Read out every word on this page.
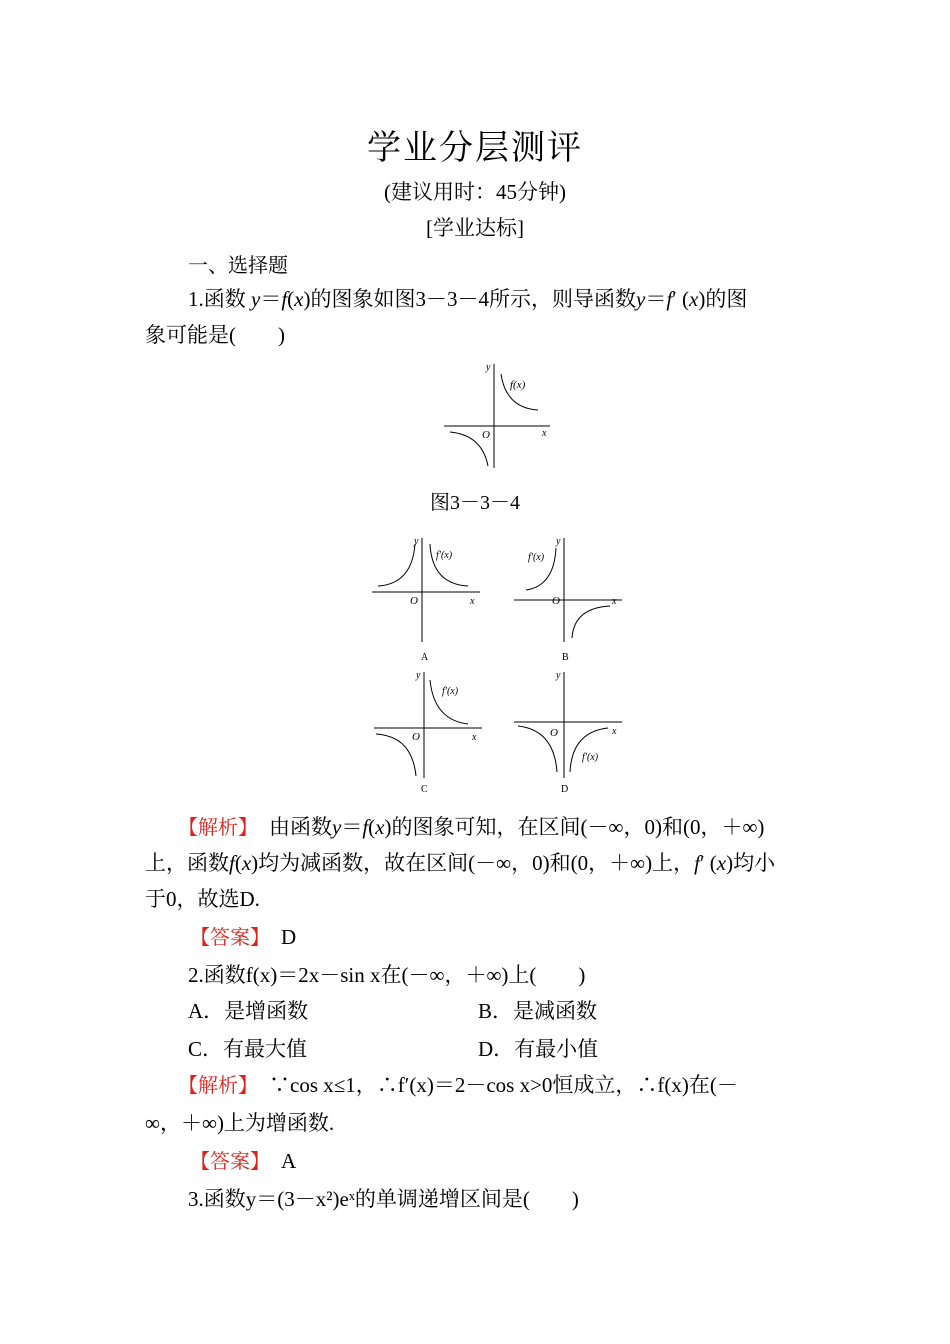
学业分层测评
(建议用时：45分钟)
[学业达标]
一、选择题
1.函数 y＝f(x)的图象如图3－3－4所示，则导函数y＝f′ (x)的图
象可能是(　　)
y
x
O
f(x)
图3－3－4
y
x
O
f′(x)
A
y
x
O
f′(x)
B
y
x
O
f′(x)
C
y
x
O
f′(x)
D
【解析】　 由函数y＝f(x)的图象可知，在区间(－∞，0)和(0，＋∞)
上，函数f(x)均为减函数，故在区间(－∞，0)和(0，＋∞)上，f′ (x)均小
于0，故选D.
【答案】　 D
2.函数f(x)＝2x－sin x在(－∞，＋∞)上(　　)
A．是增函数	B．是减函数
C．有最大值	D．有最小值
【解析】　 ∵cos x≤1，∴f′(x)＝2－cos x>0恒成立，∴f(x)在(－
∞，＋∞)上为增函数.
【答案】　 A
3.函数y＝(3－x²)eˣ的单调递增区间是(　　)
